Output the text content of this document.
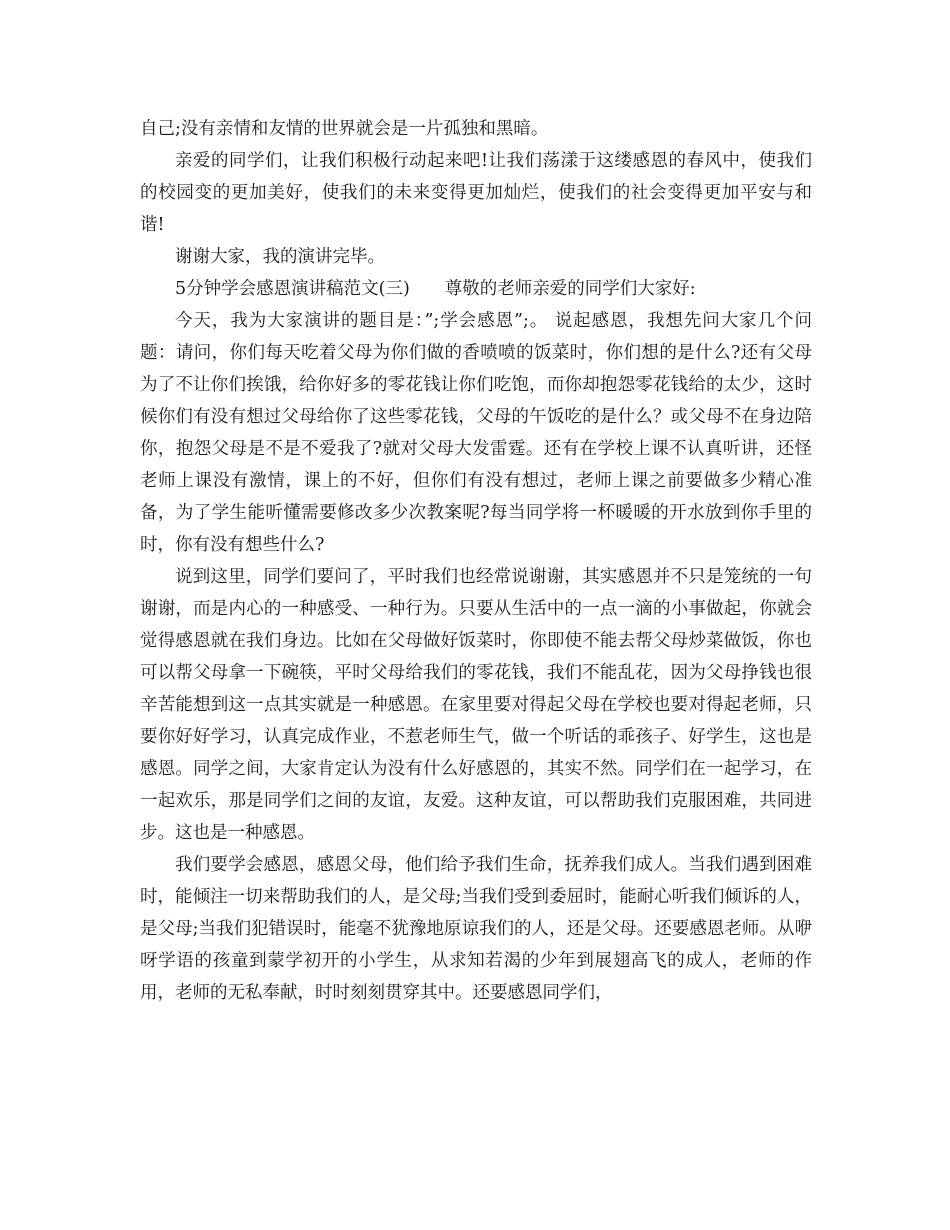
自己;没有亲情和友情的世界就会是一片孤独和黑暗。

亲爱的同学们，让我们积极行动起来吧!让我们荡漾于这缕感恩的春风中，使我们的校园变的更加美好，使我们的未来变得更加灿烂，使我们的社会变得更加平安与和谐!

谢谢大家，我的演讲完毕。

5分钟学会感恩演讲稿范文(三)　　尊敬的老师亲爱的同学们大家好:

今天，我为大家演讲的题目是：”;学会感恩”;。 说起感恩，我想先问大家几个问题：请问，你们每天吃着父母为你们做的香喷喷的饭菜时，你们想的是什么?还有父母为了不让你们挨饿，给你好多的零花钱让你们吃饱，而你却抱怨零花钱给的太少，这时候你们有没有想过父母给你了这些零花钱，父母的午饭吃的是什么？或父母不在身边陪你，抱怨父母是不是不爱我了?就对父母大发雷霆。还有在学校上课不认真听讲，还怪老师上课没有激情，课上的不好，但你们有没有想过，老师上课之前要做多少精心准备，为了学生能听懂需要修改多少次教案呢?每当同学将一杯暖暖的开水放到你手里的时，你有没有想些什么?

说到这里，同学们要问了，平时我们也经常说谢谢，其实感恩并不只是笼统的一句谢谢，而是内心的一种感受、一种行为。只要从生活中的一点一滴的小事做起，你就会觉得感恩就在我们身边。比如在父母做好饭菜时，你即使不能去帮父母炒菜做饭，你也可以帮父母拿一下碗筷，平时父母给我们的零花钱，我们不能乱花，因为父母挣钱也很辛苦能想到这一点其实就是一种感恩。在家里要对得起父母在学校也要对得起老师，只要你好好学习，认真完成作业，不惹老师生气，做一个听话的乖孩子、好学生，这也是感恩。同学之间，大家肯定认为没有什么好感恩的，其实不然。同学们在一起学习，在一起欢乐，那是同学们之间的友谊，友爱。这种友谊，可以帮助我们克服困难，共同进步。这也是一种感恩。

我们要学会感恩，感恩父母，他们给予我们生命，抚养我们成人。当我们遇到困难时，能倾注一切来帮助我们的人，是父母;当我们受到委屈时，能耐心听我们倾诉的人，是父母;当我们犯错误时，能毫不犹豫地原谅我们的人，还是父母。还要感恩老师。从咿呀学语的孩童到蒙学初开的小学生，从求知若渴的少年到展翅高飞的成人，老师的作用，老师的无私奉献，时时刻刻贯穿其中。还要感恩同学们，
